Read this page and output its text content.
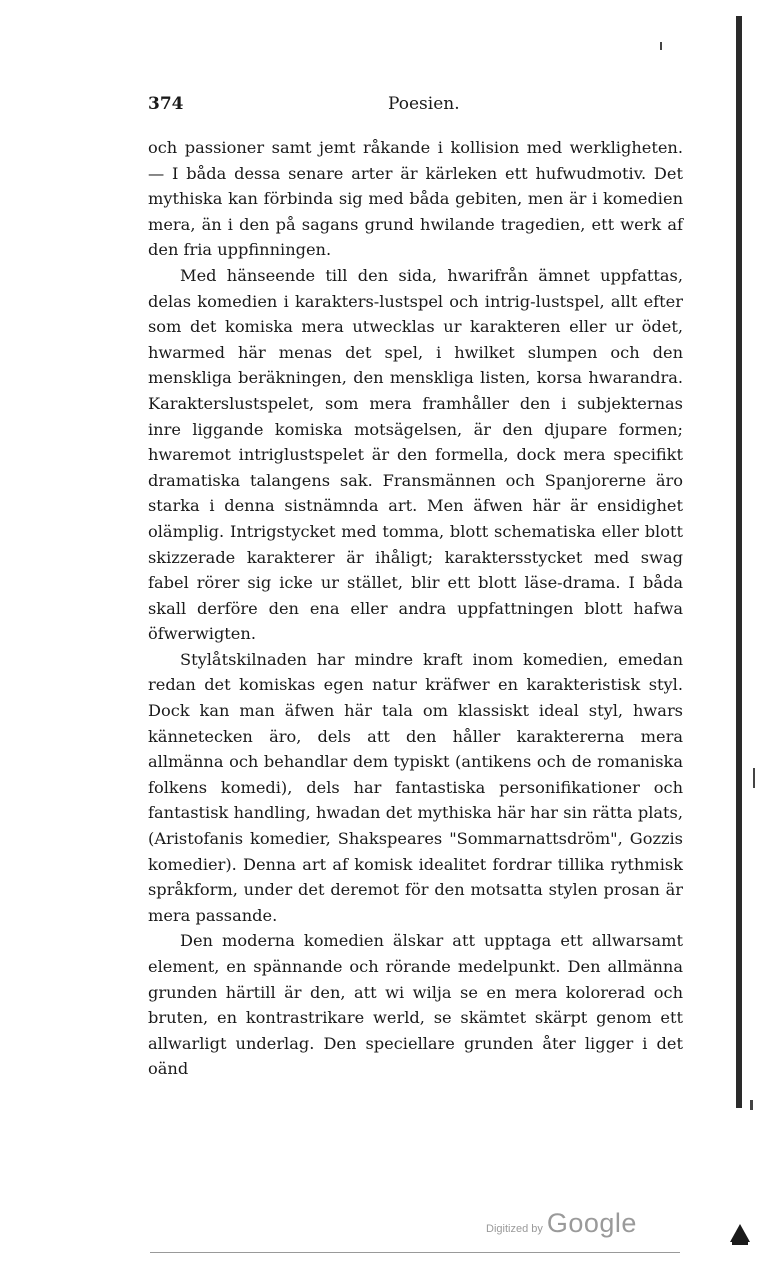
374	Poesien.

och passioner samt jemt råkande i kollision med werkligheten. — I båda dessa senare arter är kärleken ett hufwudmotiv. Det mythiska kan förbinda sig med båda gebiten, men är i komedien mera, än i den på sagans grund hwilande tragedien, ett werk af den fria uppfinningen.

Med hänseende till den sida, hwarifrån ämnet uppfattas, delas komedien i karakters-lustspel och intrig-lustspel, allt efter som det komiska mera utwecklas ur karakteren eller ur ödet, hwarmed här menas det spel, i hwilket slumpen och den menskliga beräkningen, den menskliga listen, korsa hwarandra. Karakterslustspelet, som mera framhåller den i subjekternas inre liggande komiska motsägelsen, är den djupare formen; hwaremot intriglustspelet är den formella, dock mera specifikt dramatiska talangens sak. Fransmännen och Spanjorerne äro starka i denna sistnämnda art. Men äfwen här är ensidighet olämplig. Intrigstycket med tomma, blott schematiska eller blott skizzerade karakterer är ihåligt; karaktersstycket med swag fabel rörer sig icke ur stället, blir ett blott läse-drama. I båda skall derföre den ena eller andra uppfattningen blott hafwa öfwerwigten.

Stylåtskilnaden har mindre kraft inom komedien, emedan redan det komiskas egen natur kräfwer en karakteristisk styl. Dock kan man äfwen här tala om klassiskt ideal styl, hwars kännetecken äro, dels att den håller karaktererna mera allmänna och behandlar dem typiskt (antikens och de romaniska folkens komedi), dels har fantastiska personifikationer och fantastisk handling, hwadan det mythiska här har sin rätta plats, (Aristofanis komedier, Shakspeares "Sommarnattsdröm", Gozzis komedier). Denna art af komisk idealitet fordrar tillika rythmisk språkform, under det deremot för den motsatta stylen prosan är mera passande.

Den moderna komedien älskar att upptaga ett allwarsamt element, en spännande och rörande medelpunkt. Den allmänna grunden härtill är den, att wi wilja se en mera kolorerad och bruten, en kontrastrikare werld, se skämtet skärpt genom ett allwarligt underlag. Den speciellare grunden åter ligger i det oänd

Digitized by Google
